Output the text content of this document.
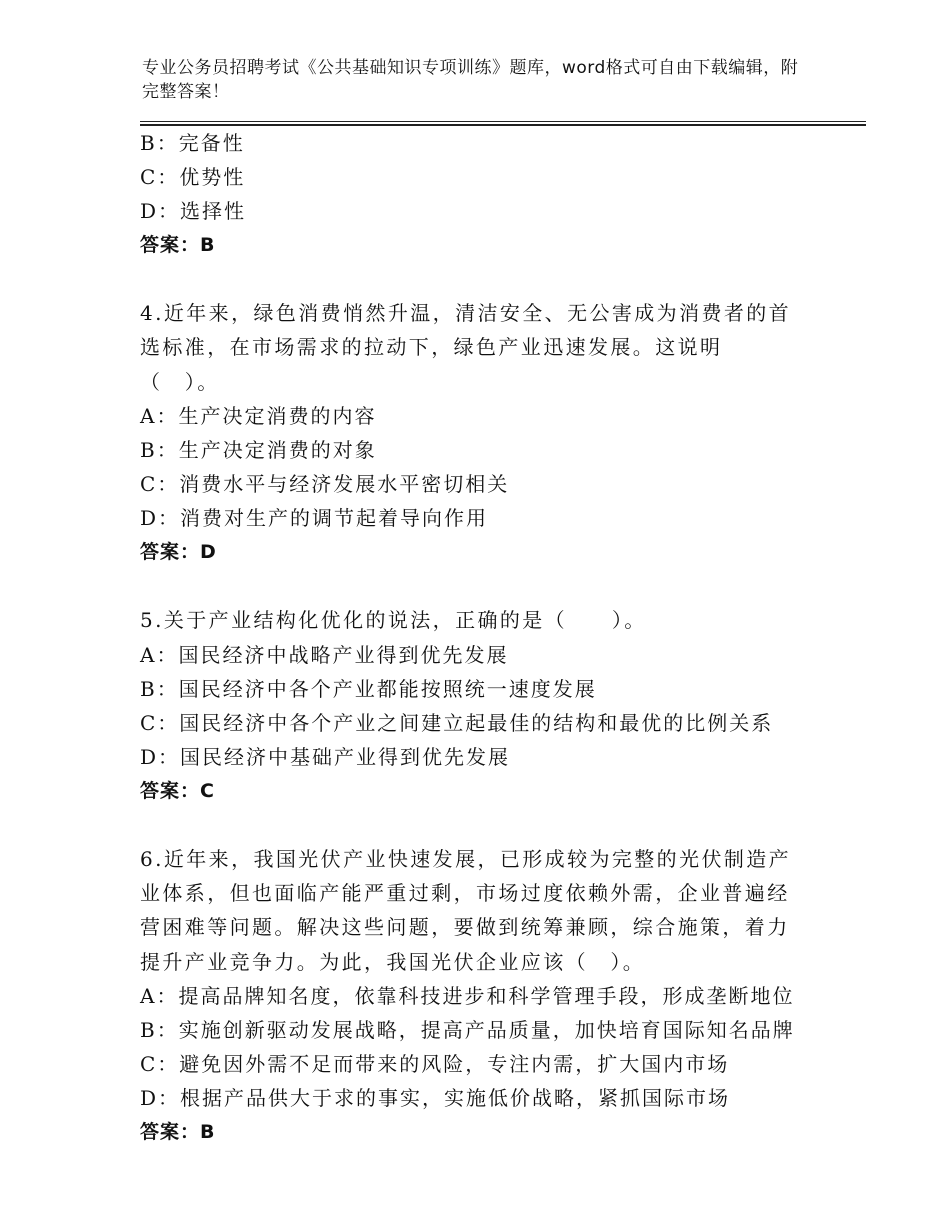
专业公务员招聘考试《公共基础知识专项训练》题库，word格式可自由下载编辑，附完整答案！
B：完备性
C：优势性
D：选择性
答案：B
4.近年来，绿色消费悄然升温，清洁安全、无公害成为消费者的首选标准，在市场需求的拉动下，绿色产业迅速发展。这说明（　）。
A：生产决定消费的内容
B：生产决定消费的对象
C：消费水平与经济发展水平密切相关
D：消费对生产的调节起着导向作用
答案：D
5.关于产业结构化优化的说法，正确的是（　　）。
A：国民经济中战略产业得到优先发展
B：国民经济中各个产业都能按照统一速度发展
C：国民经济中各个产业之间建立起最佳的结构和最优的比例关系
D：国民经济中基础产业得到优先发展
答案：C
6.近年来，我国光伏产业快速发展，已形成较为完整的光伏制造产业体系，但也面临产能严重过剩，市场过度依赖外需，企业普遍经营困难等问题。解决这些问题，要做到统筹兼顾，综合施策，着力提升产业竞争力。为此，我国光伏企业应该（　）。
A：提高品牌知名度，依靠科技进步和科学管理手段，形成垄断地位
B：实施创新驱动发展战略，提高产品质量，加快培育国际知名品牌
C：避免因外需不足而带来的风险，专注内需，扩大国内市场
D：根据产品供大于求的事实，实施低价战略，紧抓国际市场
答案：B
